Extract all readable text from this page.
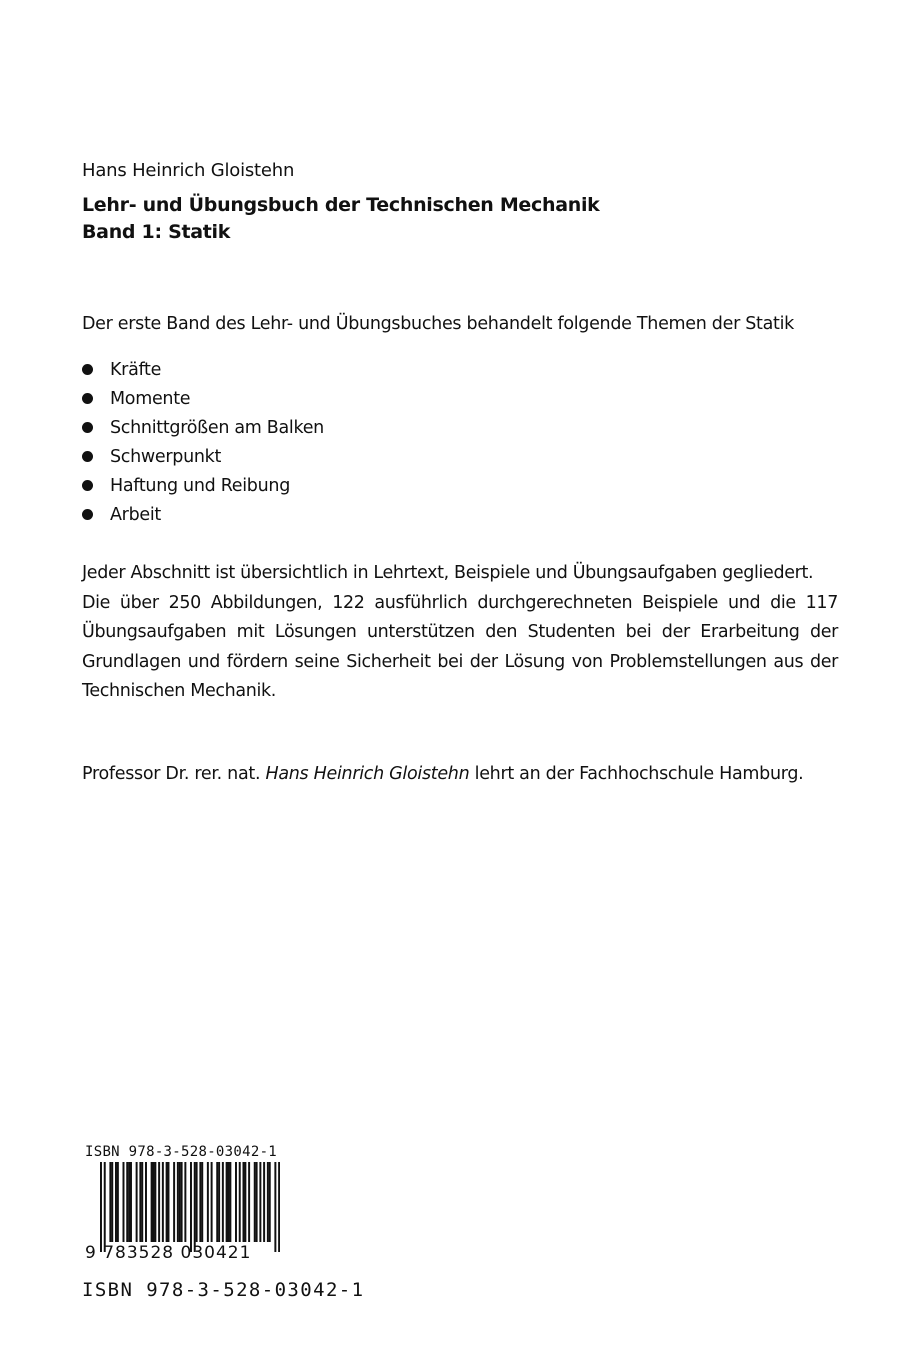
Hans Heinrich Gloistehn
Lehr- und Übungsbuch der Technischen Mechanik
Band 1: Statik
Der erste Band des Lehr- und Übungsbuches behandelt folgende Themen der Statik
Kräfte
Momente
Schnittgrößen am Balken
Schwerpunkt
Haftung und Reibung
Arbeit

Jeder Abschnitt ist übersichtlich in Lehrtext, Beispiele und Übungsaufgaben gegliedert.

Die über 250 Abbildungen, 122 ausführlich durchgerechneten Beispiele und die 117 Übungsaufgaben mit Lösungen unterstützen den Studenten bei der Erarbeitung der Grundlagen und fördern seine Sicherheit bei der Lösung von Problemstellungen aus der Technischen Mechanik.

Professor Dr. rer. nat. Hans Heinrich Gloistehn lehrt an der Fachhochschule Hamburg.
ISBN 978-3-528-03042-1
9 783528 030421
ISBN 978-3-528-03042-1
